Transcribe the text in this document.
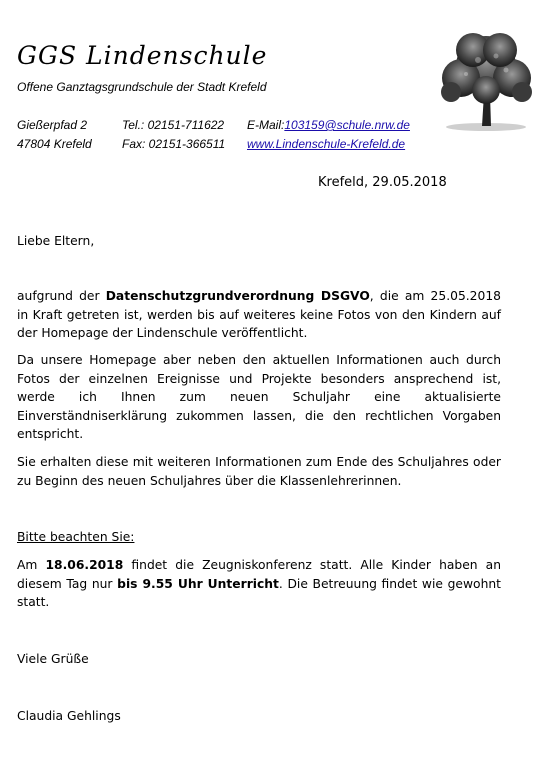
GGS Lindenschule
Offene Ganztagsgrundschule der Stadt Krefeld
Gießerpfad 2
47804 Krefeld
Tel.: 02151-711622
Fax: 02151-366511
E-Mail:103159@schule.nrw.de
www.Lindenschule-Krefeld.de
Krefeld, 29.05.2018
Liebe Eltern,
aufgrund der Datenschutzgrundverordnung DSGVO, die am 25.05.2018 in Kraft getreten ist, werden bis auf weiteres keine Fotos von den Kindern auf der Homepage der Lindenschule veröffentlicht.
Da unsere Homepage aber neben den aktuellen Informationen auch durch Fotos der einzelnen Ereignisse und Projekte besonders ansprechend ist, werde ich Ihnen zum neuen Schuljahr eine aktualisierte Einverständniserklärung zukommen lassen, die den rechtlichen Vorgaben entspricht.
Sie erhalten diese mit weiteren Informationen zum Ende des Schuljahres oder zu Beginn des neuen Schuljahres über die Klassenlehrerinnen.
Bitte beachten Sie:
Am 18.06.2018 findet die Zeugniskonferenz statt. Alle Kinder haben an diesem Tag nur bis 9.55 Uhr Unterricht. Die Betreuung findet wie gewohnt statt.
Viele Grüße
Claudia Gehlings
